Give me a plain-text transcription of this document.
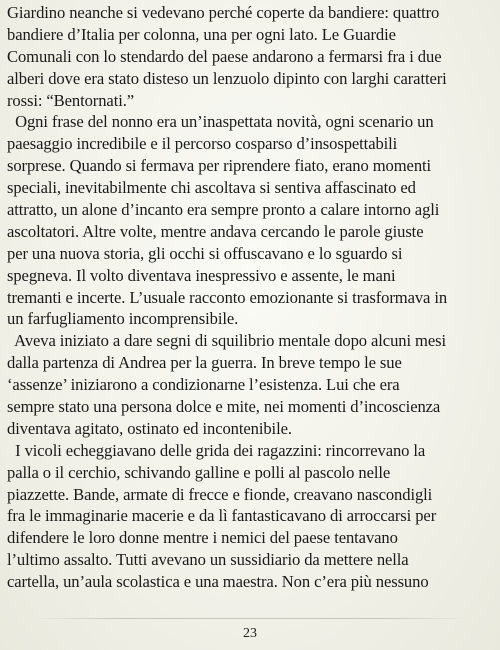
Giardino neanche si vedevano perché coperte da bandiere: quattro
bandiere d’Italia per colonna, una per ogni lato. Le Guardie
Comunali con lo stendardo del paese andarono a fermarsi fra i due
alberi dove era stato disteso un lenzuolo dipinto con larghi caratteri
rossi: “Bentornati.”
Ogni frase del nonno era un’inaspettata novità, ogni scenario un
paesaggio incredibile e il percorso cosparso d’insospettabili
sorprese. Quando si fermava per riprendere fiato, erano momenti
speciali, inevitabilmente chi ascoltava si sentiva affascinato ed
attratto, un alone d’incanto era sempre pronto a calare intorno agli
ascoltatori. Altre volte, mentre andava cercando le parole giuste
per una nuova storia, gli occhi si offuscavano e lo sguardo si
spegneva. Il volto diventava inespressivo e assente, le mani
tremanti e incerte. L’usuale racconto emozionante si trasformava in
un farfugliamento incomprensibile.
Aveva iniziato a dare segni di squilibrio mentale dopo alcuni mesi
dalla partenza di Andrea per la guerra. In breve tempo le sue
‘assenze’ iniziarono a condizionarne l’esistenza. Lui che era
sempre stato una persona dolce e mite, nei momenti d’incoscienza
diventava agitato, ostinato ed incontenibile.
I vicoli echeggiavano delle grida dei ragazzini: rincorrevano la
palla o il cerchio, schivando galline e polli al pascolo nelle
piazzette. Bande, armate di frecce e fionde, creavano nascondigli
fra le immaginarie macerie e da lì fantasticavano di arroccarsi per
difendere le loro donne mentre i nemici del paese tentavano
l’ultimo assalto. Tutti avevano un sussidiario da mettere nella
cartella, un’aula scolastica e una maestra. Non c’era più nessuno
23
